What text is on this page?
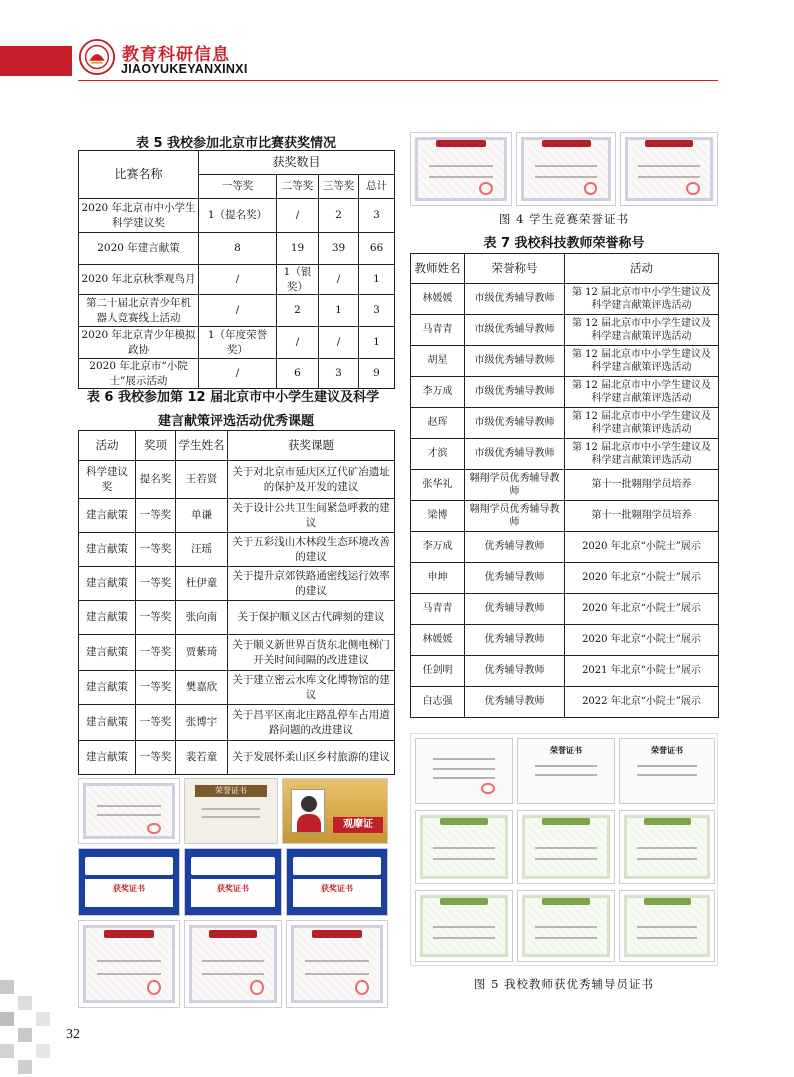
教育科研信息
JIAOYUKEYANXINXI
表 5 我校参加北京市比赛获奖情况
比赛名称	获奖数目			
	一等奖	二等奖	三等奖	总计
2020 年北京市中小学生科学建议奖	1（提名奖）	/	2	3
2020 年建言献策	8	19	39	66
2020 年北京秋季观鸟月	/	1（银奖）	/	1
第二十届北京青少年机器人竞赛线上活动	/	2	1	3
2020 年北京青少年模拟政协	1（年度荣誉奖）	/	/	1
2020 年北京市“小院士”展示活动	/	6	3	9
表 6 我校参加第 12 届北京市中小学生建议及科学
建言献策评选活动优秀课题
活动	奖项	学生姓名	获奖课题
科学建议奖	提名奖	王若贤	关于对北京市延庆区辽代矿冶遗址的保护及开发的建议
建言献策	一等奖	单谦	关于设计公共卫生间紧急呼救的建议
建言献策	一等奖	汪瑶	关于五彩浅山木林段生态环境改善的建议
建言献策	一等奖	杜伊童	关于提升京郊铁路通密线运行效率的建议
建言献策	一等奖	张向南	关于保护顺义区古代碑刻的建议
建言献策	一等奖	贾紫琦	关于顺义新世界百货东北侧电梯门开关时间间隔的改进建议
建言献策	一等奖	樊嘉欣	关于建立密云水库文化博物馆的建议
建言献策	一等奖	张博宇	关于昌平区南北庄路乱停车占用道路问题的改进建议
建言献策	一等奖	裴若童	关于发展怀柔山区乡村旅游的建议
荣誉证书
观摩证
获奖证书	获奖证书	获奖证书
图 4 学生竞赛荣誉证书
表 7 我校科技教师荣誉称号
教师姓名	荣誉称号	活动
林媛媛	市级优秀辅导教师	第 12 届北京市中小学生建议及科学建言献策评选活动
马青青	市级优秀辅导教师	第 12 届北京市中小学生建议及科学建言献策评选活动
胡星	市级优秀辅导教师	第 12 届北京市中小学生建议及科学建言献策评选活动
李万成	市级优秀辅导教师	第 12 届北京市中小学生建议及科学建言献策评选活动
赵珲	市级优秀辅导教师	第 12 届北京市中小学生建议及科学建言献策评选活动
才滨	市级优秀辅导教师	第 12 届北京市中小学生建议及科学建言献策评选活动
张华礼	翱翔学员优秀辅导教师	第十一批翱翔学员培养
梁博	翱翔学员优秀辅导教师	第十一批翱翔学员培养
李万成	优秀辅导教师	2020 年北京“小院士”展示
申坤	优秀辅导教师	2020 年北京“小院士”展示
马青青	优秀辅导教师	2020 年北京“小院士”展示
林媛媛	优秀辅导教师	2020 年北京“小院士”展示
任剑明	优秀辅导教师	2021 年北京“小院士”展示
白志强	优秀辅导教师	2022 年北京“小院士”展示
荣誉证书	荣誉证书
图 5 我校教师获优秀辅导员证书
32
